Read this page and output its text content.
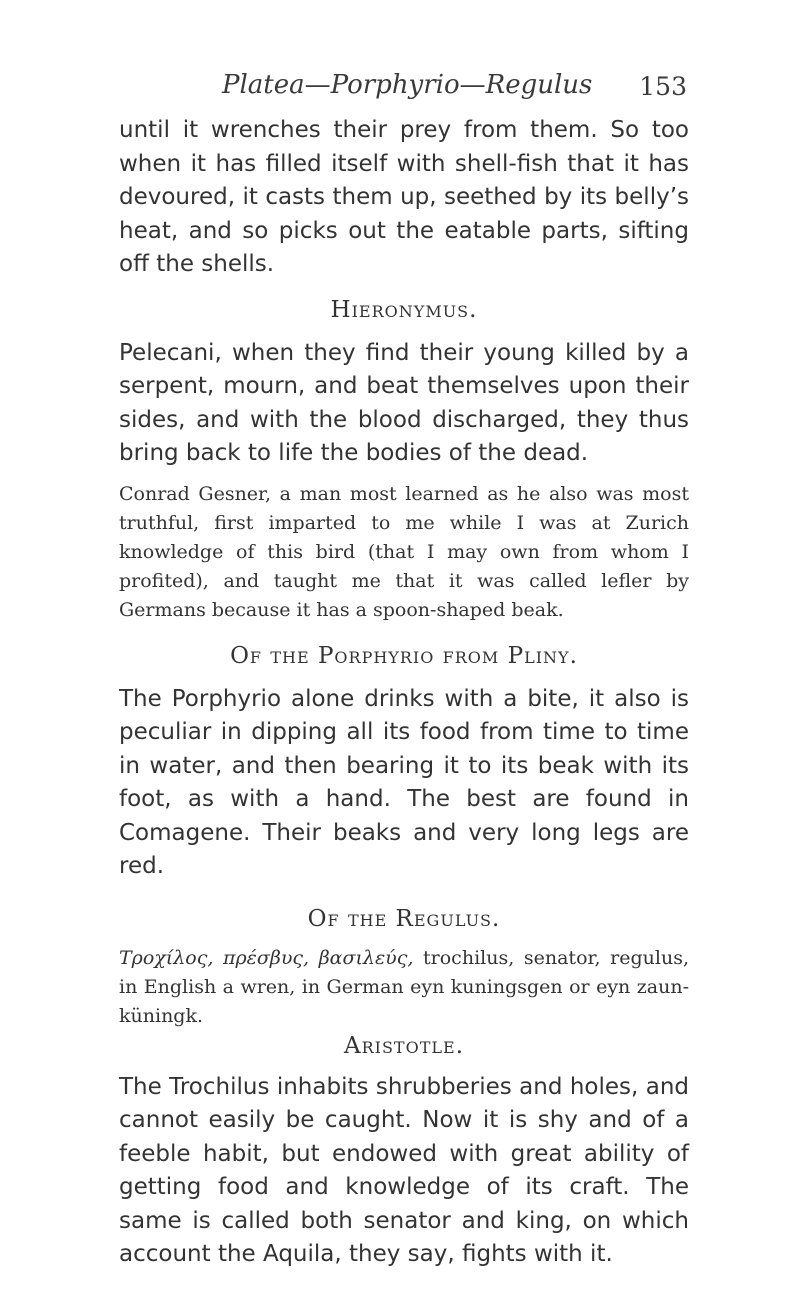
Platea—Porphyrio—Regulus 153

until it wrenches their prey from them. So too when it has filled itself with shell-fish that it has devoured, it casts them up, seethed by its belly’s heat, and so picks out the eatable parts, sifting off the shells.

Hieronymus.

Pelecani, when they find their young killed by a serpent, mourn, and beat themselves upon their sides, and with the blood discharged, they thus bring back to life the bodies of the dead.

Conrad Gesner, a man most learned as he also was most truthful, first imparted to me while I was at Zurich knowledge of this bird (that I may own from whom I profited), and taught me that it was called lefler by Germans because it has a spoon-shaped beak.

Of the Porphyrio from Pliny.

The Porphyrio alone drinks with a bite, it also is peculiar in dipping all its food from time to time in water, and then bearing it to its beak with its foot, as with a hand. The best are found in Comagene. Their beaks and very long legs are red.

Of the Regulus.

Τροχίλος, πρέσβυς, βασιλεύς, trochilus, senator, regulus, in English a wren, in German eyn kuningsgen or eyn zaun-küningk.

Aristotle.

The Trochilus inhabits shrubberies and holes, and cannot easily be caught. Now it is shy and of a feeble habit, but endowed with great ability of getting food and knowledge of its craft. The same is called both senator and king, on which account the Aquila, they say, fights with it.
